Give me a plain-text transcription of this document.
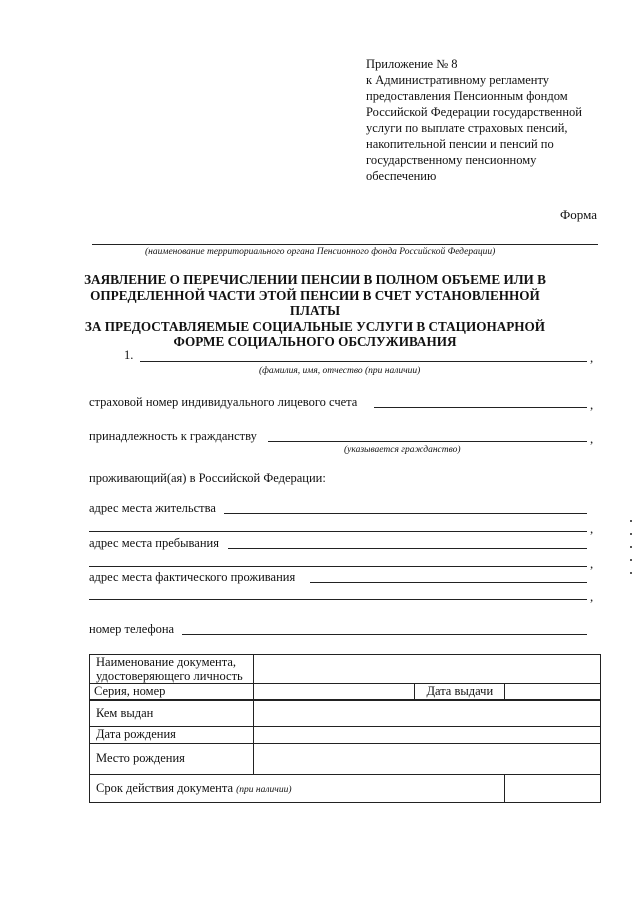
Приложение № 8
к Административному регламенту
предоставления Пенсионным фондом
Российской Федерации государственной
услуги по выплате страховых пенсий,
накопительной пенсии и пенсий по
государственному пенсионному
обеспечению
Форма
(наименование территориального органа Пенсионного фонда Российской Федерации)
ЗАЯВЛЕНИЕ О ПЕРЕЧИСЛЕНИИ ПЕНСИИ В ПОЛНОМ ОБЪЕМЕ ИЛИ В
ОПРЕДЕЛЕННОЙ ЧАСТИ ЭТОЙ ПЕНСИИ В СЧЕТ УСТАНОВЛЕННОЙ ПЛАТЫ
ЗА ПРЕДОСТАВЛЯЕМЫЕ СОЦИАЛЬНЫЕ УСЛУГИ В СТАЦИОНАРНОЙ
ФОРМЕ СОЦИАЛЬНОГО ОБСЛУЖИВАНИЯ
1.	,
(фамилия, имя, отчество (при наличии)
страховой номер индивидуального лицевого счета	,
принадлежность к гражданству	,
(указывается гражданство)
проживающий(ая) в Российской Федерации:
адрес места жительства
,
адрес места пребывания
,
адрес места фактического проживания
,
номер телефона
Наименование документа,
удостоверяющего личность			

Серия, номер		Дата выдачи	
Кем выдан			
Дата рождения			
Место рождения			
Срок действия документа (при наличии)			
